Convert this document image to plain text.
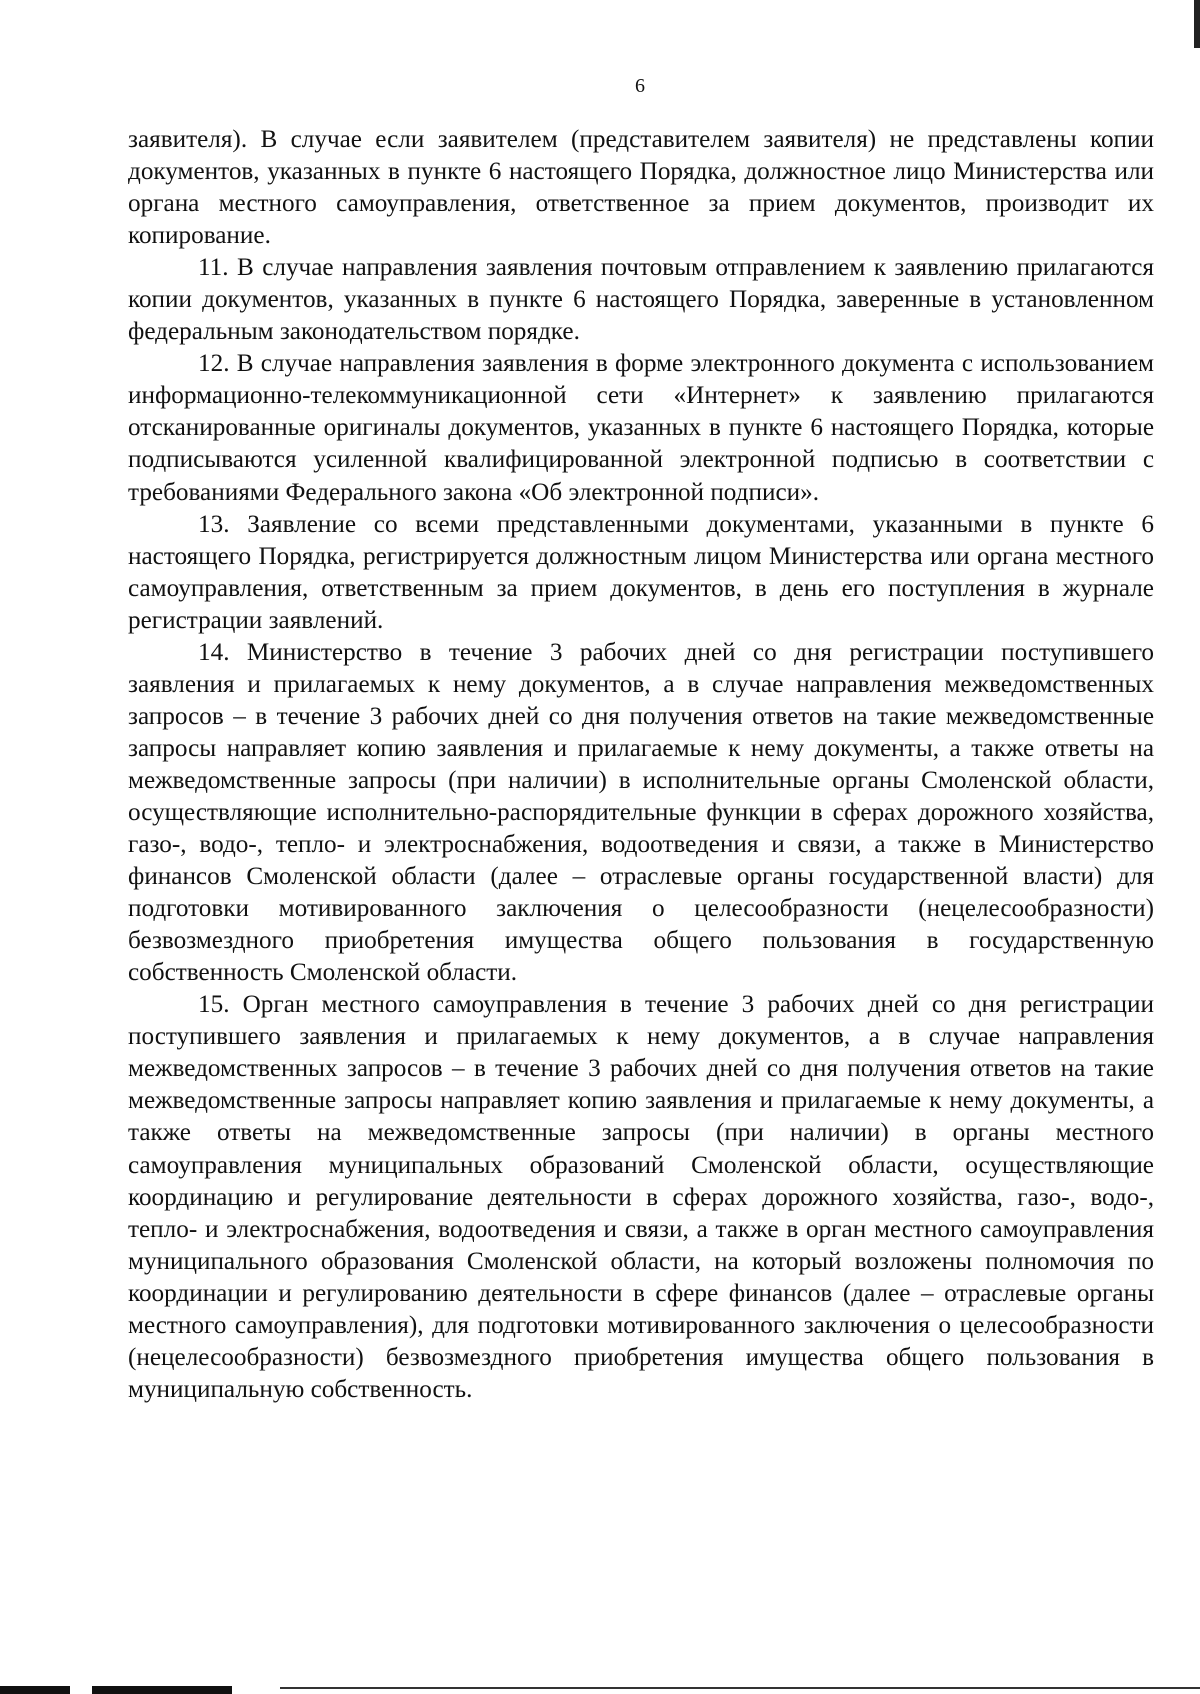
6

заявителя). В случае если заявителем (представителем заявителя) не представлены копии документов, указанных в пункте 6 настоящего Порядка, должностное лицо Министерства или органа местного самоуправления, ответственное за прием документов, производит их копирование.

11. В случае направления заявления почтовым отправлением к заявлению прилагаются копии документов, указанных в пункте 6 настоящего Порядка, заверенные в установленном федеральным законодательством порядке.

12. В случае направления заявления в форме электронного документа с использованием информационно-телекоммуникационной сети «Интернет» к заявлению прилагаются отсканированные оригиналы документов, указанных в пункте 6 настоящего Порядка, которые подписываются усиленной квалифицированной электронной подписью в соответствии с требованиями Федерального закона «Об электронной подписи».

13. Заявление со всеми представленными документами, указанными в пункте 6 настоящего Порядка, регистрируется должностным лицом Министерства или органа местного самоуправления, ответственным за прием документов, в день его поступления в журнале регистрации заявлений.

14. Министерство в течение 3 рабочих дней со дня регистрации поступившего заявления и прилагаемых к нему документов, а в случае направления межведомственных запросов – в течение 3 рабочих дней со дня получения ответов на такие межведомственные запросы направляет копию заявления и прилагаемые к нему документы, а также ответы на межведомственные запросы (при наличии) в исполнительные органы Смоленской области, осуществляющие исполнительно-распорядительные функции в сферах дорожного хозяйства, газо-, водо-, тепло- и электроснабжения, водоотведения и связи, а также в Министерство финансов Смоленской области (далее – отраслевые органы государственной власти) для подготовки мотивированного заключения о целесообразности (нецелесообразности) безвозмездного приобретения имущества общего пользования в государственную собственность Смоленской области.

15. Орган местного самоуправления в течение 3 рабочих дней со дня регистрации поступившего заявления и прилагаемых к нему документов, а в случае направления межведомственных запросов – в течение 3 рабочих дней со дня получения ответов на такие межведомственные запросы направляет копию заявления и прилагаемые к нему документы, а также ответы на межведомственные запросы (при наличии) в органы местного самоуправления муниципальных образований Смоленской области, осуществляющие координацию и регулирование деятельности в сферах дорожного хозяйства, газо-, водо-, тепло- и электроснабжения, водоотведения и связи, а также в орган местного самоуправления муниципального образования Смоленской области, на который возложены полномочия по координации и регулированию деятельности в сфере финансов (далее – отраслевые органы местного самоуправления), для подготовки мотивированного заключения о целесообразности (нецелесообразности) безвозмездного приобретения имущества общего пользования в муниципальную собственность.
